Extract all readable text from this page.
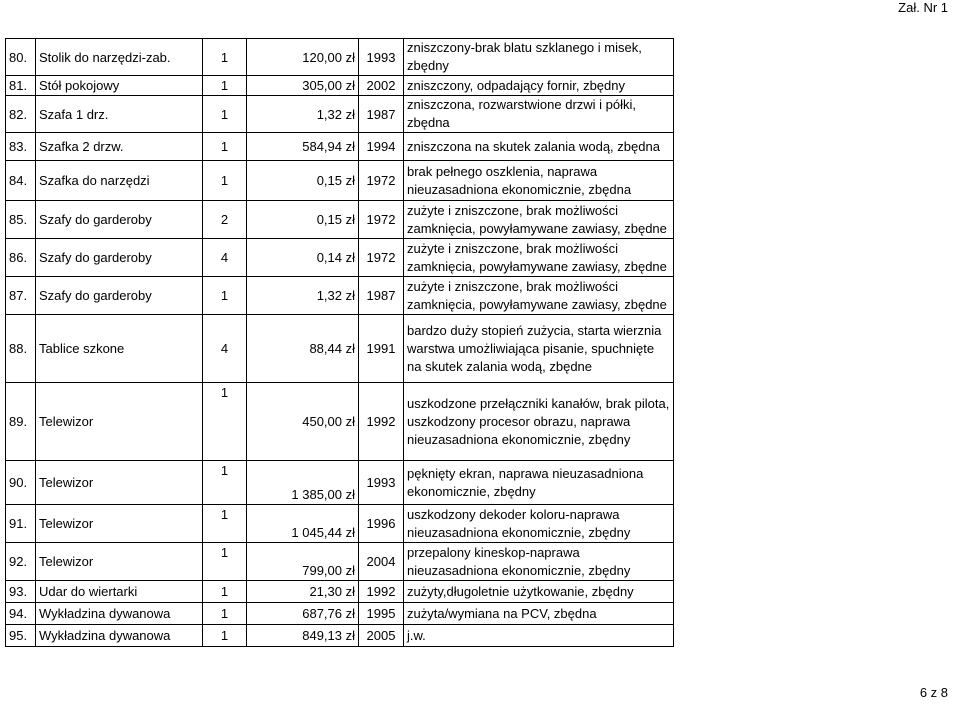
Zał. Nr 1
80.	Stolik do narzędzi-zab.	1	120,00 zł	1993	zniszczony-brak blatu szklanego i misek, zbędny
81.	Stół pokojowy	1	305,00 zł	2002	zniszczony, odpadający fornir, zbędny
82.	Szafa 1 drz.	1	1,32 zł	1987	zniszczona, rozwarstwione drzwi i półki, zbędna
83.	Szafka 2 drzw.	1	584,94 zł	1994	zniszczona na skutek zalania wodą, zbędna
84.	Szafka do narzędzi	1	0,15 zł	1972	brak pełnego oszklenia, naprawa nieuzasadniona ekonomicznie, zbędna
85.	Szafy do garderoby	2	0,15 zł	1972	zużyte i zniszczone, brak możliwości zamknięcia, powyłamywane zawiasy, zbędne
86.	Szafy do garderoby	4	0,14 zł	1972	zużyte i zniszczone, brak możliwości zamknięcia, powyłamywane zawiasy, zbędne
87.	Szafy do garderoby	1	1,32 zł	1987	zużyte i zniszczone, brak możliwości zamknięcia, powyłamywane zawiasy, zbędne
88.	Tablice szkone	4	88,44 zł	1991	bardzo duży stopień zużycia, starta wierznia warstwa umożliwiająca pisanie, spuchnięte na skutek zalania wodą, zbędne
89.	Telewizor	1	450,00 zł	1992	uszkodzone przełączniki kanałów, brak pilota, uszkodzony procesor obrazu, naprawa nieuzasadniona ekonomicznie, zbędny
90.	Telewizor	1	1 385,00 zł	1993	pęknięty ekran, naprawa nieuzasadniona ekonomicznie, zbędny
91.	Telewizor	1	1 045,44 zł	1996	uszkodzony dekoder koloru-naprawa nieuzasadniona ekonomicznie, zbędny
92.	Telewizor	1	799,00 zł	2004	przepalony kineskop-naprawa nieuzasadniona ekonomicznie, zbędny
93.	Udar do wiertarki	1	21,30 zł	1992	zużyty,długoletnie użytkowanie, zbędny
94.	Wykładzina dywanowa	1	687,76 zł	1995	zużyta/wymiana na PCV, zbędna
95.	Wykładzina dywanowa	1	849,13 zł	2005	j.w.
6 z 8
